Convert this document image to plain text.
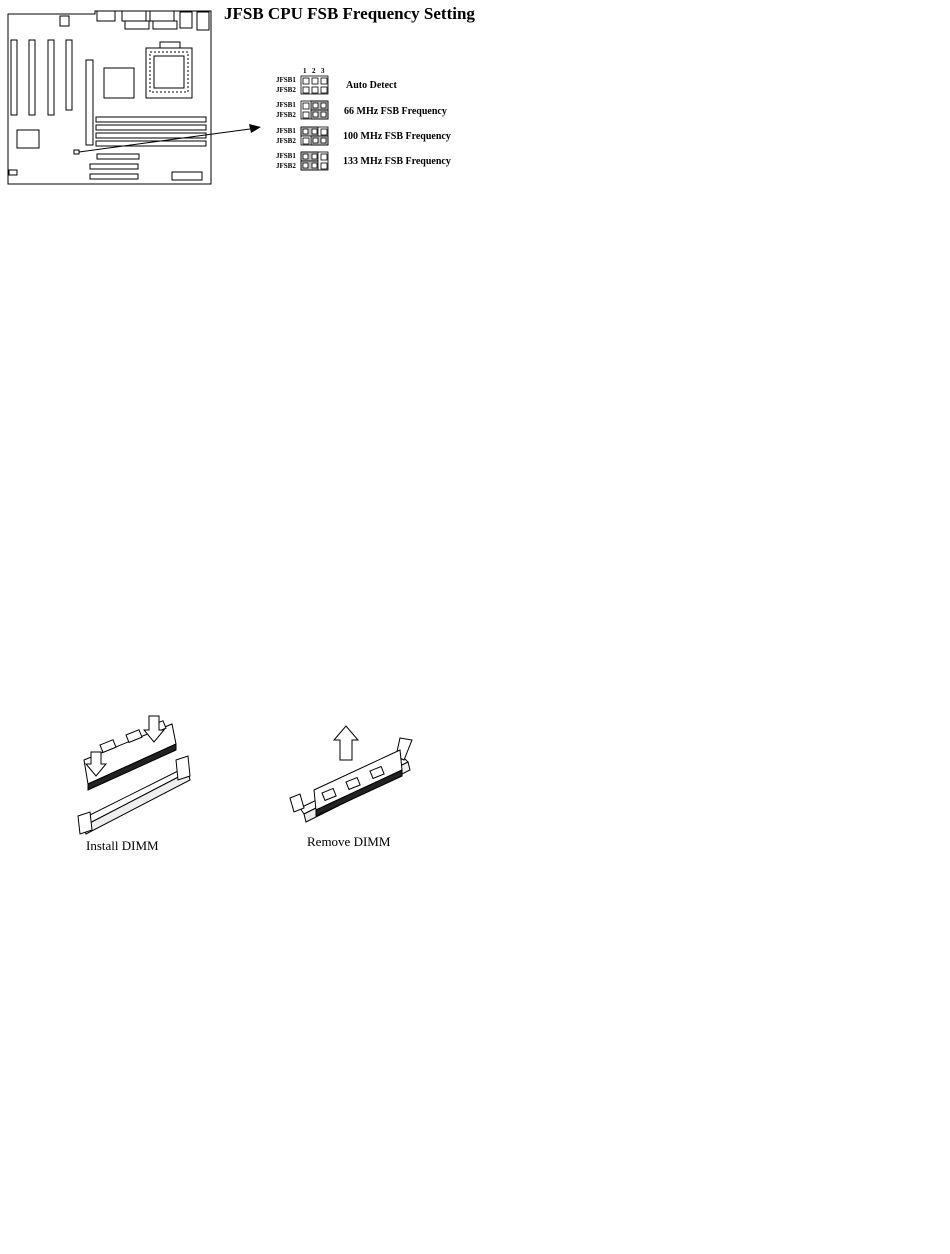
JFSB CPU FSB Frequency Setting
1 2 3
JFSB1
JFSB2
JFSB1
JFSB2
JFSB1
JFSB2
JFSB1
JFSB2
Auto Detect
66 MHz FSB Frequency
100 MHz FSB Frequency
133 MHz FSB Frequency
Install DIMM	Remove DIMM
